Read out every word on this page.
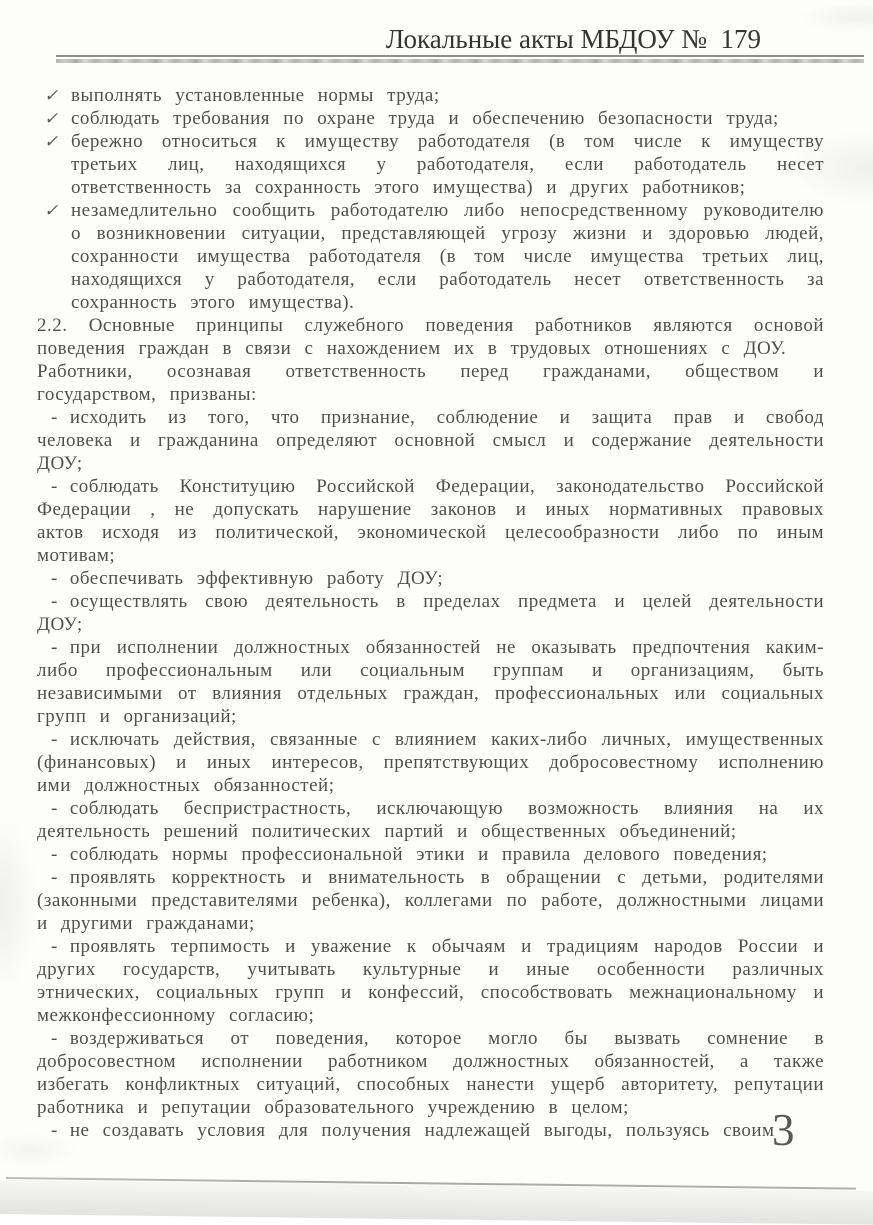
Локальные акты МБДОУ №  179
✓ выполнять установленные нормы труда;
✓ соблюдать требования по охране труда и обеспечению безопасности труда;
✓ бережно относиться к имуществу работодателя (в том числе к имуществу третьих лиц, находящихся у работодателя, если работодатель несет ответственность за сохранность этого имущества) и других работников;
✓ незамедлительно сообщить работодателю либо непосредственному руководителю о возникновении ситуации, представляющей угрозу жизни и здоровью людей, сохранности имущества работодателя (в том числе имущества третьих лиц, находящихся у работодателя, если работодатель несет ответственность за сохранность этого имущества).

2.2. Основные принципы служебного поведения работников являются основой поведения граждан в связи с нахождением их в трудовых отношениях с ДОУ.

Работники, осознавая ответственность перед гражданами, обществом и государством, призваны:

- исходить из того, что признание, соблюдение и защита прав и свобод человека и гражданина определяют основной смысл и содержание деятельности ДОУ;

- соблюдать Конституцию Российской Федерации, законодательство Российской Федерации , не допускать нарушение законов и иных нормативных правовых актов исходя из политической, экономической целесообразности либо по иным мотивам;

- обеспечивать эффективную работу ДОУ;

- осуществлять свою деятельность в пределах предмета и целей деятельности ДОУ;

- при исполнении должностных обязанностей не оказывать предпочтения каким-либо профессиональным или социальным группам и организациям, быть независимыми от влияния отдельных граждан, профессиональных или социальных групп и организаций;

- исключать действия, связанные с влиянием каких-либо личных, имущественных (финансовых) и иных интересов, препятствующих добросовестному исполнению ими должностных обязанностей;

- соблюдать беспристрастность, исключающую возможность влияния на их деятельность решений политических партий и общественных объединений;

- соблюдать нормы профессиональной этики и правила делового поведения;

- проявлять корректность и внимательность в обращении с детьми, родителями (законными представителями ребенка), коллегами по работе, должностными лицами и другими гражданами;

- проявлять терпимость и уважение к обычаям и традициям народов России и других государств, учитывать культурные и иные особенности различных этнических, социальных групп и конфессий, способствовать межнациональному и межконфессионному согласию;

- воздерживаться от поведения, которое могло бы вызвать сомнение в добросовестном исполнении работником должностных обязанностей, а также избегать конфликтных ситуаций, способных нанести ущерб авторитету, репутации работника и репутации образовательного учреждению в целом;

- не создавать условия для получения надлежащей выгоды, пользуясь своим

3
